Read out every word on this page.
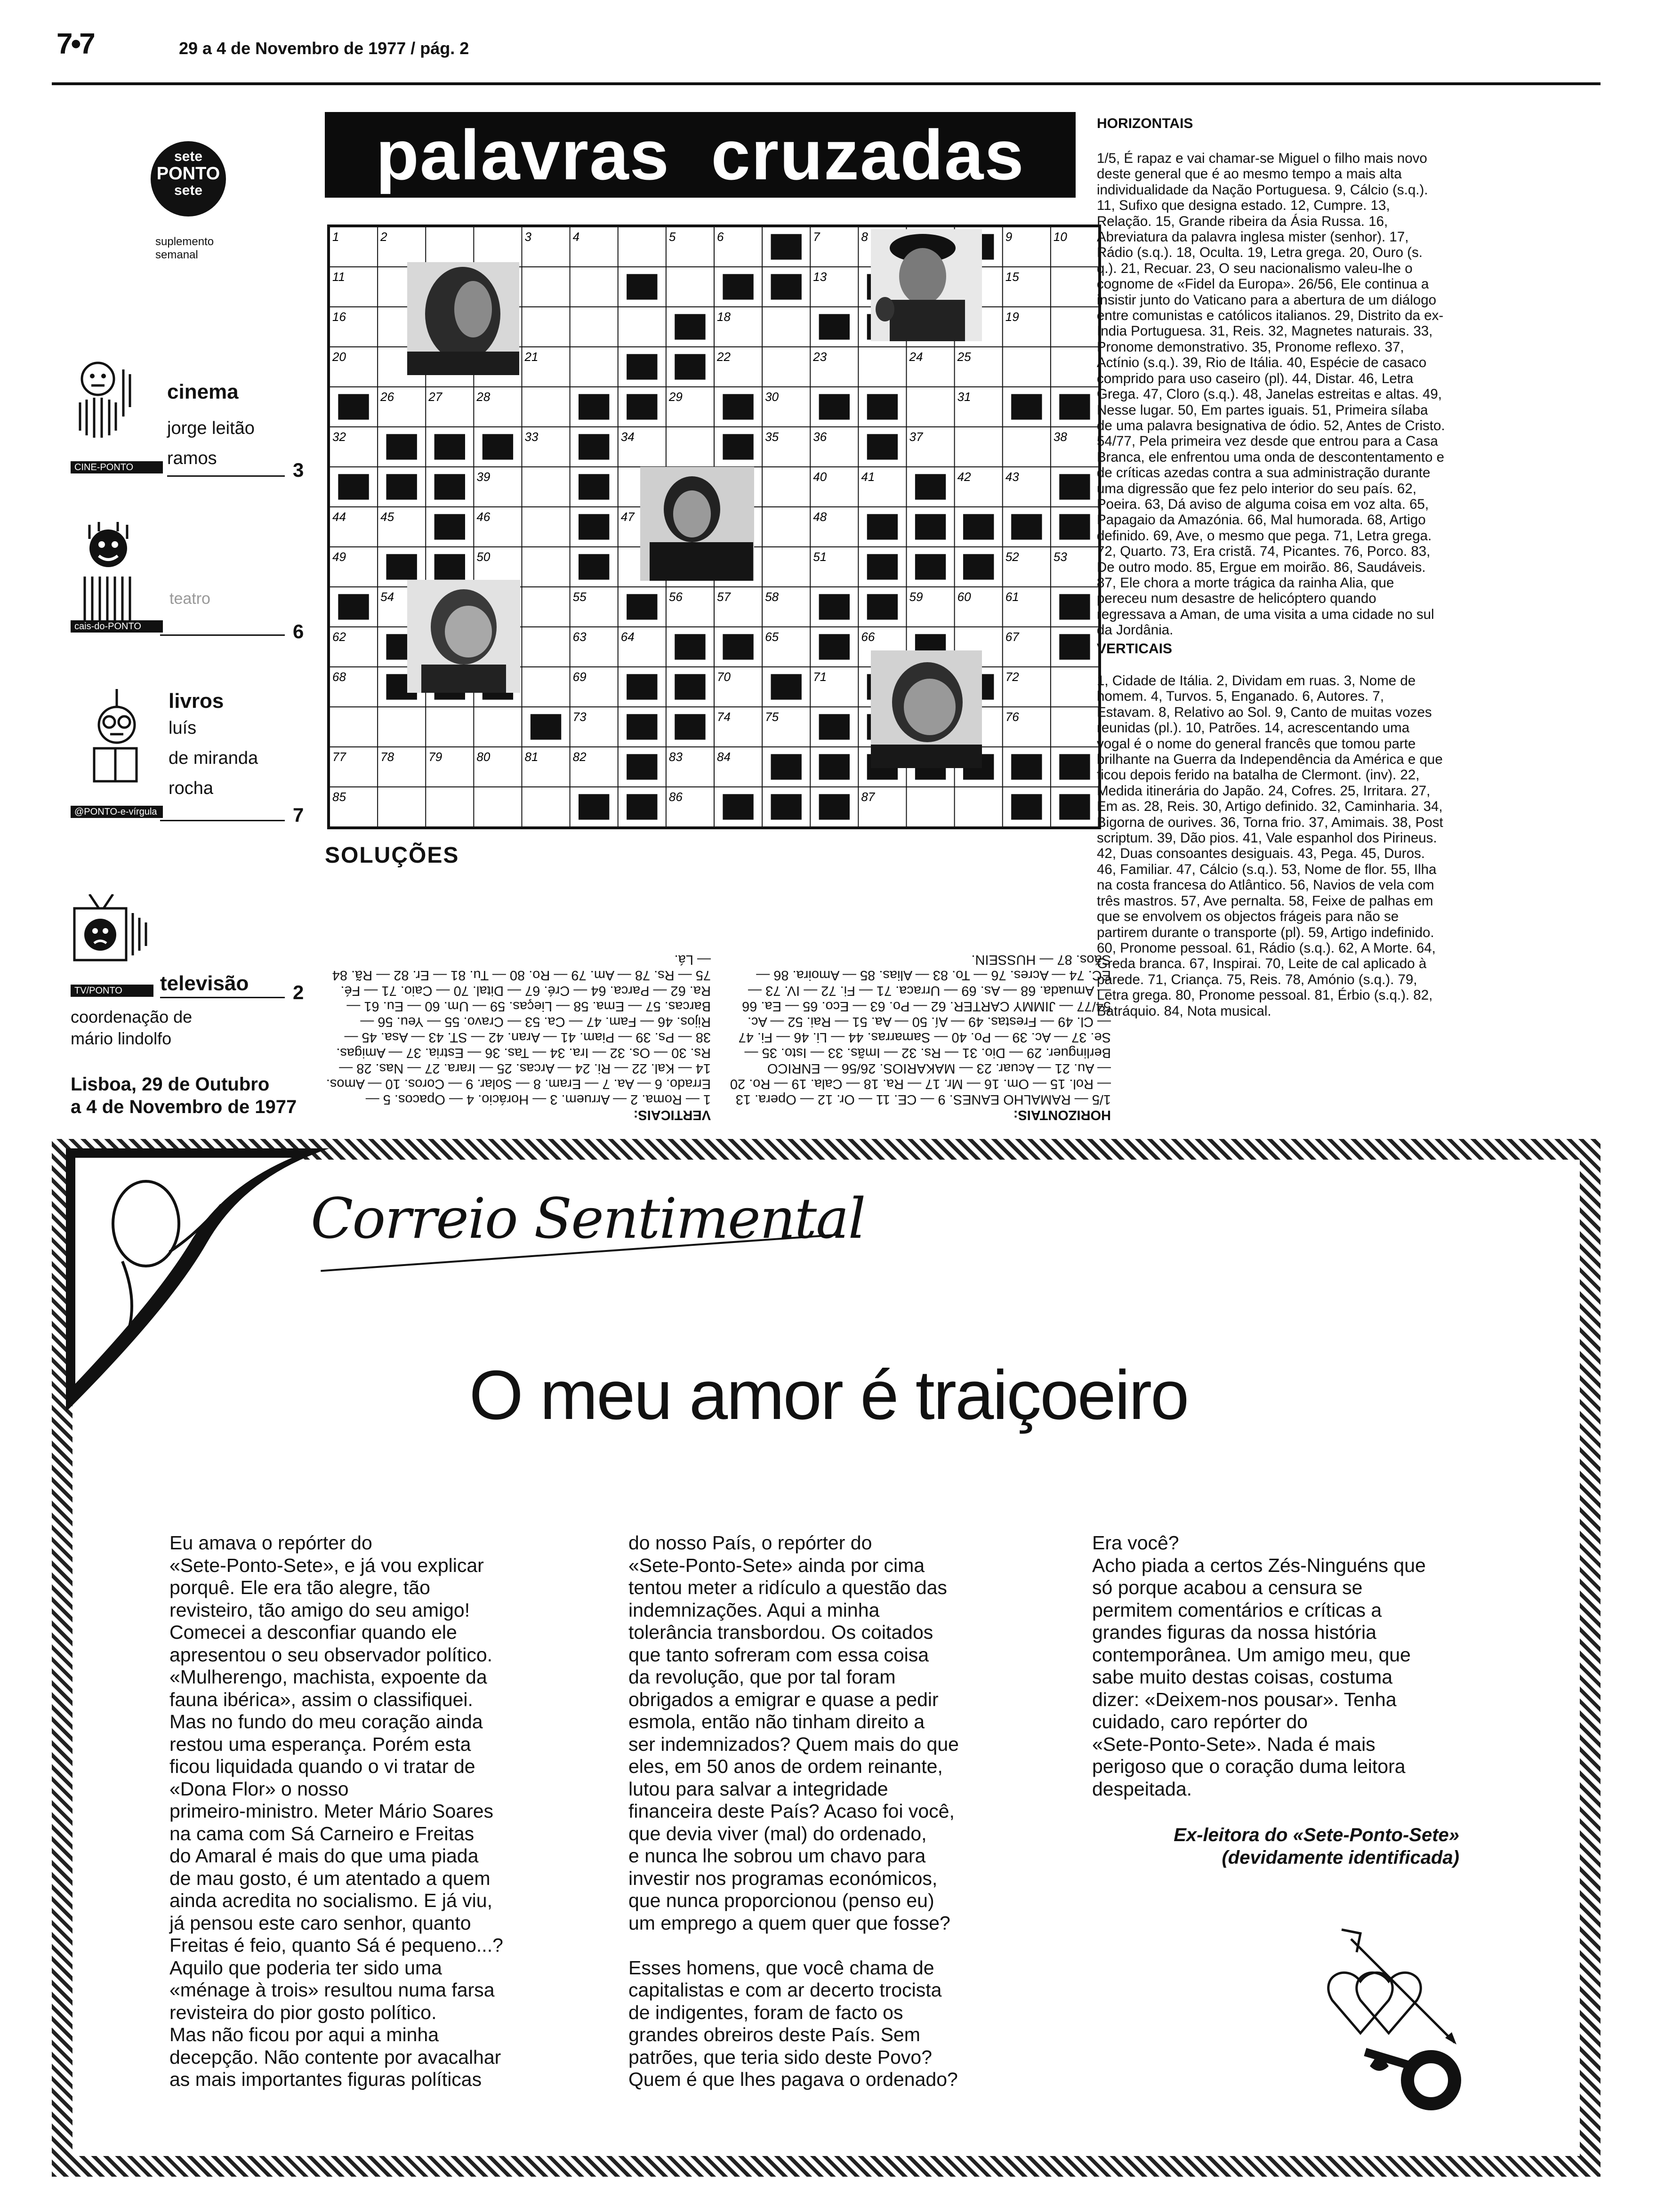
7•7	29 a 4 de Novembro de 1977 / pág. 2
sete
PONTO
sete
suplemento
semanal
cinema
jorge leitão
ramos
CINE-PONTO	3
teatro
cais-do-PONTO	6
livros
luís
de miranda
rocha
@PONTO-e-vírgula	7
televisão
TV/PONTO	2
coordenação de
mário lindolfo
Lisboa, 29 de Outubro
a 4 de Novembro de 1977
palavras  cruzadas
1	2	3	4	5	6	7	8	9	10
11	13	15
16	18	19
20	21	22	23	24	25
26	27	28	29	30	31
32	33	34	35	36	37	38
39	40	41	42	43
44	45	46	47	48
49	50	51	52	53
54	55	56	57	58	59	60	61
62	63	64	65	66	67
68	69	70	71	72
73	74	75	76
77	78	79	80	81	82	83	84
85	86	87
HORIZONTAIS
1/5, É rapaz e vai chamar-se Miguel o filho mais novo deste general que é ao mesmo tempo a mais alta individualidade da Nação Portuguesa. 9, Cálcio (s.q.). 11, Sufixo que designa estado. 12, Cumpre. 13, Relação. 15, Grande ribeira da Ásia Russa. 16, Abreviatura da palavra inglesa mister (senhor). 17, Rádio (s.q.). 18, Oculta. 19, Letra grega. 20, Ouro (s. q.). 21, Recuar. 23, O seu nacionalismo valeu-lhe o cognome de «Fidel da Europa». 26/56, Ele continua a insistir junto do Vaticano para a abertura de um diálogo entre comunistas e católicos italianos. 29, Distrito da ex-India Portuguesa. 31, Reis. 32, Magnetes naturais. 33, Pronome demonstrativo. 35, Pronome reflexo. 37, Actínio (s.q.). 39, Rio de Itália. 40, Espécie de casaco comprido para uso caseiro (pl). 44, Distar. 46, Letra Grega. 47, Cloro (s.q.). 48, Janelas estreitas e altas. 49, Nesse lugar. 50, Em partes iguais. 51, Primeira sílaba de uma palavra besignativa de ódio. 52, Antes de Cristo. 54/77, Pela primeira vez desde que entrou para a Casa Branca, ele enfrentou uma onda de descontentamento e de críticas azedas contra a sua administração durante uma digressão que fez pelo interior do seu país. 62, Poeira. 63, Dá aviso de alguma coisa em voz alta. 65, Papagaio da Amazónia. 66, Mal humorada. 68, Artigo definido. 69, Ave, o mesmo que pega. 71, Letra grega. 72, Quarto. 73, Era cristã. 74, Picantes. 76, Porco. 83, De outro modo. 85, Ergue em moirão. 86, Saudáveis. 87, Ele chora a morte trágica da rainha Alia, que pereceu num desastre de helicóptero quando regressava a Aman, de uma visita a uma cidade no sul da Jordânia.
VERTICAIS
1, Cidade de Itália. 2, Dividam em ruas. 3, Nome de homem. 4, Turvos. 5, Enganado. 6, Autores. 7, Estavam. 8, Relativo ao Sol. 9, Canto de muitas vozes reunidas (pl.). 10, Patrões. 14, acrescentando uma vogal é o nome do general francês que tomou parte brilhante na Guerra da Independência da América e que ficou depois ferido na batalha de Clermont. (inv). 22, Medida itinerária do Japão. 24, Cofres. 25, Irritara. 27, Em as. 28, Reis. 30, Artigo definido. 32, Caminharia. 34, Bigorna de ourives. 36, Torna frio. 37, Amimais. 38, Post scriptum. 39, Dão pios. 41, Vale espanhol dos Pirineus. 42, Duas consoantes desiguais. 43, Pega. 45, Duros. 46, Familiar. 47, Cálcio (s.q.). 53, Nome de flor. 55, Ilha na costa francesa do Atlântico. 56, Navios de vela com três mastros. 57, Ave pernalta. 58, Feixe de palhas em que se envolvem os objectos frágeis para não se partirem durante o transporte (pl). 59, Artigo indefinido. 60, Pronome pessoal. 61, Rádio (s.q.). 62, A Morte. 64, Greda branca. 67, Inspirai. 70, Leite de cal aplicado à parede. 71, Criança. 75, Reis. 78, Amónio (s.q.). 79, Letra grega. 80, Pronome pessoal. 81, Érbio (s.q.). 82, Batráquio. 84, Nota musical.
SOLUÇÕES
VERTICAIS:
1 — Roma. 2 — Arruem. 3 — Horácio. 4 — Opacos. 5 — Errado. 6 — Aa. 7 — Eram. 8 — Solar. 9 — Coros. 10 — Amos. 14 — Kal. 22 — Ri. 24 — Arcas. 25 — Irara. 27 — Nas. 28 — Rs. 30 — Os. 32 — Ira. 34 — Tas. 36 — Estria. 37 — Amigas. 38 — Ps. 39 — Piam. 41 — Aran. 42 — ST. 43 — Asa. 45 — Rijos. 46 — Fam. 47 — Ca. 53 — Cravo. 55 — Yeu. 56 — Barcas. 57 — Ema. 58 — Lieças. 59 — Um. 60 — Eu. 61 — Ra. 62 — Parca. 64 — Cré. 67 — Dital. 70 — Caio. 71 — Fé. 75 — Rs. 78 — Am. 79 — Ro. 80 — Tu. 81 — Er. 82 — Rã. 84 — Lá.
HORIZONTAIS:
1/5 — RAMALHO EANES. 9 — CE. 11 — Or. 12 — Opera. 13 — Rol. 15 — Om. 16 — Mr. 17 — Ra. 18 — Cala. 19 — Ro. 20 — Au. 21 — Acuar. 23 — MAKARIOS. 26/56 — ENRICO Berlinguer. 29 — Dio. 31 — Rs. 32 — Imãs. 33 — Isto. 35 — Se. 37 — Ac. 39 — Po. 40 — Samarras. 44 — Li. 46 — Fi. 47 — Cl. 49 — Frestas. 49 — Aí. 50 — Aa. 51 — Rai. 52 — Ac. 54/77 — JIMMY CARTER. 62 — Po. 63 — Eco. 65 — Ea. 66 — Amuada. 68 — As. 69 — Urraca. 71 — Fi. 72 — IV. 73 — EC. 74 — Acres. 76 — To. 83 — Alias. 85 — Amoira. 86 — Sãos. 87 — HUSSEIN.
Correio Sentimental
O meu amor é traiçoeiro
Eu amava o repórter do
«Sete-Ponto-Sete», e já vou explicar
porquê. Ele era tão alegre, tão
revisteiro, tão amigo do seu amigo!
Comecei a desconfiar quando ele
apresentou o seu observador político.
«Mulherengo, machista, expoente da
fauna ibérica», assim o classifiquei.
Mas no fundo do meu coração ainda
restou uma esperança. Porém esta
ficou liquidada quando o vi tratar de
«Dona Flor» o nosso
primeiro-ministro. Meter Mário Soares
na cama com Sá Carneiro e Freitas
do Amaral é mais do que uma piada
de mau gosto, é um atentado a quem
ainda acredita no socialismo. E já viu,
já pensou este caro senhor, quanto
Freitas é feio, quanto Sá é pequeno...?
Aquilo que poderia ter sido uma
«ménage à trois» resultou numa farsa
revisteira do pior gosto político.
Mas não ficou por aqui a minha
decepção. Não contente por avacalhar
as mais importantes figuras políticas
do nosso País, o repórter do
«Sete-Ponto-Sete» ainda por cima
tentou meter a ridículo a questão das
indemnizações. Aqui a minha
tolerância transbordou. Os coitados
que tanto sofreram com essa coisa
da revolução, que por tal foram
obrigados a emigrar e quase a pedir
esmola, então não tinham direito a
ser indemnizados? Quem mais do que
eles, em 50 anos de ordem reinante,
lutou para salvar a integridade
financeira deste País? Acaso foi você,
que devia viver (mal) do ordenado,
e nunca lhe sobrou um chavo para
investir nos programas económicos,
que nunca proporcionou (penso eu)
um emprego a quem quer que fosse?

Esses homens, que você chama de
capitalistas e com ar decerto trocista
de indigentes, foram de facto os
grandes obreiros deste País. Sem
patrões, que teria sido deste Povo?
Quem é que lhes pagava o ordenado?
Era você?
Acho piada a certos Zés-Ninguéns que
só porque acabou a censura se
permitem comentários e críticas a
grandes figuras da nossa história
contemporânea. Um amigo meu, que
sabe muito destas coisas, costuma
dizer: «Deixem-nos pousar». Tenha
cuidado, caro repórter do
«Sete-Ponto-Sete». Nada é mais
perigoso que o coração duma leitora
despeitada.
Ex-leitora do «Sete-Ponto-Sete»
(devidamente identificada)
